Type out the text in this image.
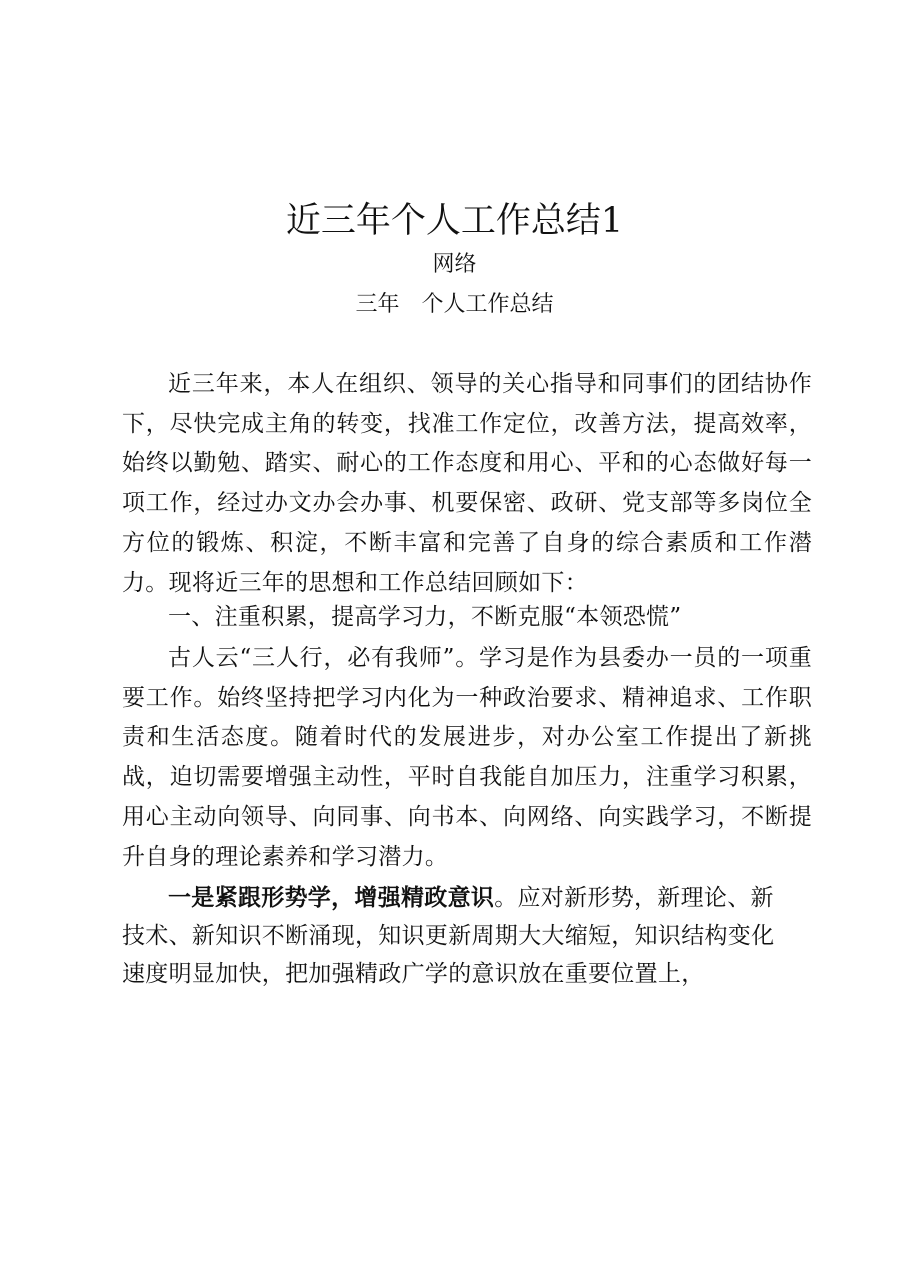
近三年个人工作总结1
网络
三年 个人工作总结

近三年来，本人在组织、领导的关心指导和同事们的团结协作下，尽快完成主角的转变，找准工作定位，改善方法，提高效率，始终以勤勉、踏实、耐心的工作态度和用心、平和的心态做好每一项工作，经过办文办会办事、机要保密、政研、党支部等多岗位全方位的锻炼、积淀，不断丰富和完善了自身的综合素质和工作潜力。现将近三年的思想和工作总结回顾如下：

一、注重积累，提高学习力，不断克服“本领恐慌”

古人云“三人行，必有我师”。学习是作为县委办一员的一项重要工作。始终坚持把学习内化为一种政治要求、精神追求、工作职责和生活态度。随着时代的发展进步，对办公室工作提出了新挑战，迫切需要增强主动性，平时自我能自加压力，注重学习积累，用心主动向领导、向同事、向书本、向网络、向实践学习，不断提升自身的理论素养和学习潜力。

一是紧跟形势学，增强精政意识。应对新形势，新理论、新技术、新知识不断涌现，知识更新周期大大缩短，知识结构变化速度明显加快，把加强精政广学的意识放在重要位置上，
